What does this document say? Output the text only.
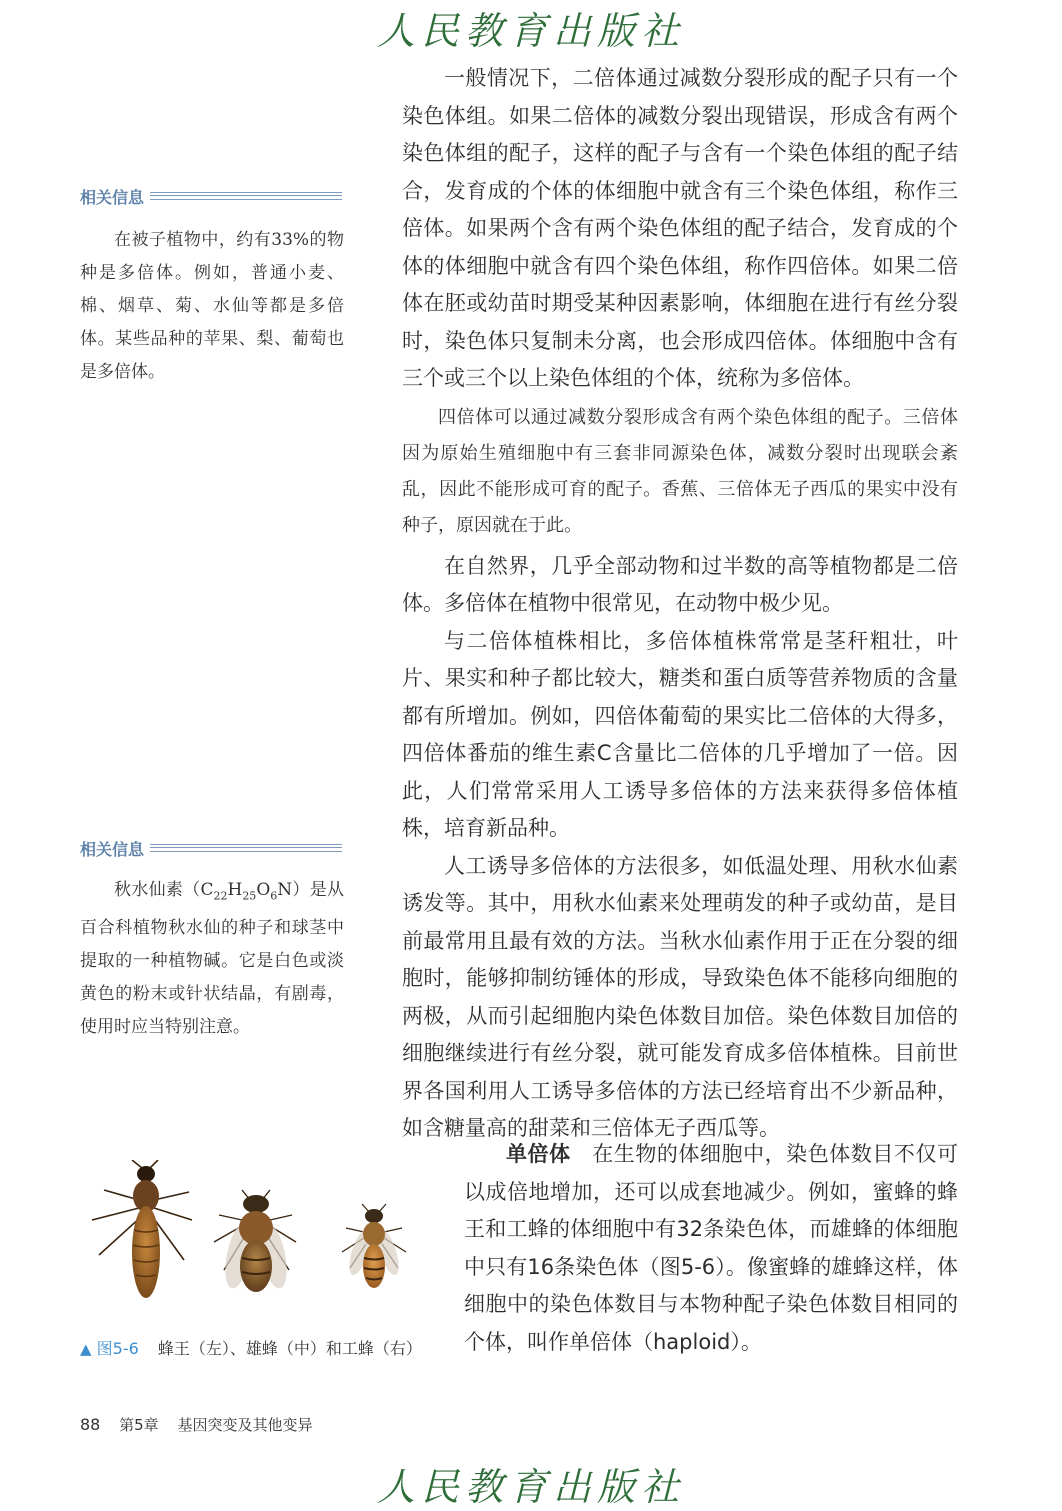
人民教育出版社

一般情况下，二倍体通过减数分裂形成的配子只有一个染色体组。如果二倍体的减数分裂出现错误，形成含有两个染色体组的配子，这样的配子与含有一个染色体组的配子结合，发育成的个体的体细胞中就含有三个染色体组，称作三倍体。如果两个含有两个染色体组的配子结合，发育成的个体的体细胞中就含有四个染色体组，称作四倍体。如果二倍体在胚或幼苗时期受某种因素影响，体细胞在进行有丝分裂时，染色体只复制未分离，也会形成四倍体。体细胞中含有三个或三个以上染色体组的个体，统称为多倍体。

四倍体可以通过减数分裂形成含有两个染色体组的配子。三倍体因为原始生殖细胞中有三套非同源染色体，减数分裂时出现联会紊乱，因此不能形成可育的配子。香蕉、三倍体无子西瓜的果实中没有种子，原因就在于此。

在自然界，几乎全部动物和过半数的高等植物都是二倍体。多倍体在植物中很常见，在动物中极少见。

与二倍体植株相比，多倍体植株常常是茎秆粗壮，叶片、果实和种子都比较大，糖类和蛋白质等营养物质的含量都有所增加。例如，四倍体葡萄的果实比二倍体的大得多，四倍体番茄的维生素C含量比二倍体的几乎增加了一倍。因此，人们常常采用人工诱导多倍体的方法来获得多倍体植株，培育新品种。

人工诱导多倍体的方法很多，如低温处理、用秋水仙素诱发等。其中，用秋水仙素来处理萌发的种子或幼苗，是目前最常用且最有效的方法。当秋水仙素作用于正在分裂的细胞时，能够抑制纺锤体的形成，导致染色体不能移向细胞的两极，从而引起细胞内染色体数目加倍。染色体数目加倍的细胞继续进行有丝分裂，就可能发育成多倍体植株。目前世界各国利用人工诱导多倍体的方法已经培育出不少新品种，如含糖量高的甜菜和三倍体无子西瓜等。

单倍体　 在生物的体细胞中，染色体数目不仅可以成倍地增加，还可以成套地减少。例如，蜜蜂的蜂王和工蜂的体细胞中有32条染色体，而雄蜂的体细胞中只有16条染色体（图5-6）。像蜜蜂的雄蜂这样，体细胞中的染色体数目与本物种配子染色体数目相同的个体，叫作单倍体（haploid）。

相关信息
在被子植物中，约有33%的物种是多倍体。例如，普通小麦、棉、烟草、菊、水仙等都是多倍体。某些品种的苹果、梨、葡萄也是多倍体。
相关信息
秋水仙素$(C_{22}H_{25}O_6N)$是从百合科植物秋水仙的种子和球茎中提取的一种植物碱。它是白色或淡黄色的粉末或针状结晶，有剧毒，使用时应当特别注意。
▲ 图5-6 蜂王（左）、雄蜂（中）和工蜂（右）
88 第5章 基因突变及其他变异
人民教育出版社
